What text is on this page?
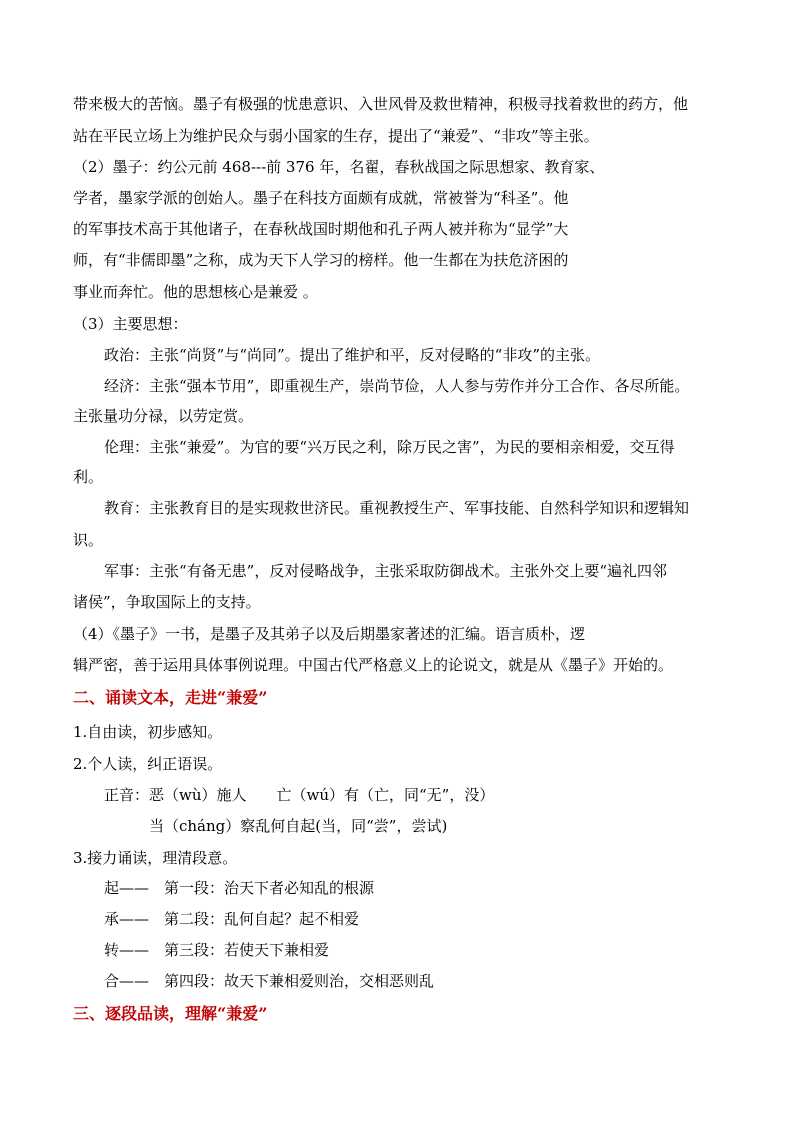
带来极大的苦恼。墨子有极强的忧患意识、入世风骨及救世精神，积极寻找着救世的药方，他
站在平民立场上为维护民众与弱小国家的生存，提出了“兼爱”、“非攻”等主张。
（2）墨子：约公元前 468---前 376 年，名翟，春秋战国之际思想家、教育家、
学者，墨家学派的创始人。墨子在科技方面颇有成就，常被誉为“科圣”。他
的军事技术高于其他诸子，在春秋战国时期他和孔子两人被并称为“显学”大
师，有“非儒即墨”之称，成为天下人学习的榜样。他一生都在为扶危济困的
事业而奔忙。他的思想核心是兼爱 。
（3）主要思想：
政治：主张“尚贤”与“尚同”。提出了维护和平，反对侵略的“非攻”的主张。
经济：主张“强本节用”，即重视生产，崇尚节俭，人人参与劳作并分工合作、各尽所能。
主张量功分禄，以劳定赏。
伦理：主张“兼爱”。为官的要“兴万民之利，除万民之害”，为民的要相亲相爱，交互得
利。
教育：主张教育目的是实现救世济民。重视教授生产、军事技能、自然科学知识和逻辑知
识。
军事：主张“有备无患”，反对侵略战争，主张采取防御战术。主张外交上要“遍礼四邻
诸侯”，争取国际上的支持。
（4）《墨子》一书，是墨子及其弟子以及后期墨家著述的汇编。语言质朴，逻
辑严密，善于运用具体事例说理。中国古代严格意义上的论说文，就是从《墨子》开始的。
二、诵读文本，走进“兼爱”
1.自由读，初步感知。
2.个人读，纠正语误。
正音：恶（wù）施人　　亡（wú）有（亡，同“无”，没）
当（cháng）察乱何自起(当，同“尝”，尝试)
3.接力诵读，理清段意。
起——　第一段：治天下者必知乱的根源
承——　第二段：乱何自起？起不相爱
转——　第三段：若使天下兼相爱
合——　第四段：故天下兼相爱则治，交相恶则乱
三、逐段品读，理解“兼爱”
